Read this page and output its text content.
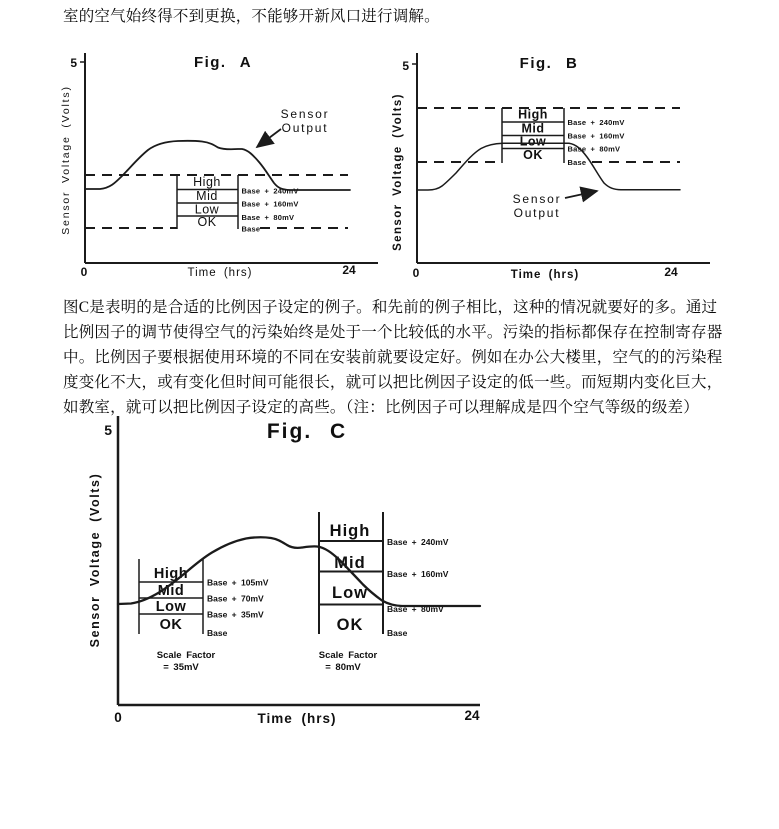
室的空气始终得不到更换，不能够开新风口进行调解。
Fig. A
5
Sensor Voltage (Volts)
0	24
Time (hrs)
High
Mid
Low
OK
Base + 240mV
Base + 160mV
Base + 80mV
Base
Sensor
Output
Fig. B
5
Sensor Voltage (Volts)
0	24
Time (hrs)
High
Mid
Low
OK
Base + 240mV
Base + 160mV
Base + 80mV
Base
Sensor
Output
图C是表明的是合适的比例因子设定的例子。和先前的例子相比，这种的情况就要好的多。通过
比例因子的调节使得空气的污染始终是处于一个比较低的水平。污染的指标都保存在控制寄存器
中。比例因子要根据使用环境的不同在安装前就要设定好。例如在办公大楼里，空气的的污染程
度变化不大，或有变化但时间可能很长，就可以把比例因子设定的低一些。而短期内变化巨大，
如教室，就可以把比例因子设定的高些。（注：比例因子可以理解成是四个空气等级的级差）
Fig. C
5
Sensor Voltage (Volts)
0	24
Time (hrs)
High
Mid
Low
OK
Base + 105mV
Base + 70mV
Base + 35mV
Base
Scale Factor
= 35mV
High
Mid
Low
OK
Base + 240mV
Base + 160mV
Base + 80mV
Base
Scale Factor
= 80mV
